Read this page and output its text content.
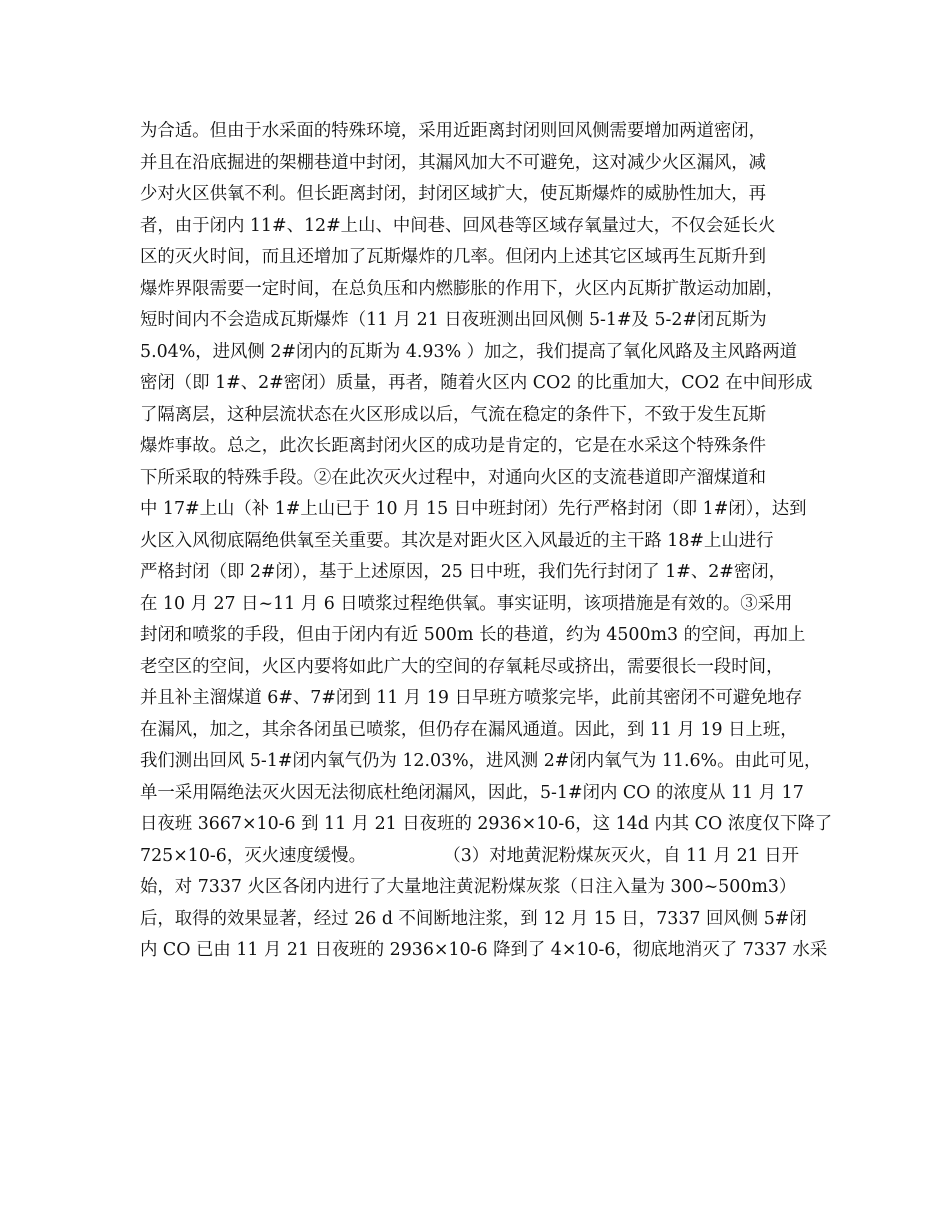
为合适。但由于水采面的特殊环境，采用近距离封闭则回风侧需要增加两道密闭，
并且在沿底掘进的架棚巷道中封闭，其漏风加大不可避免，这对减少火区漏风，减
少对火区供氧不利。但长距离封闭，封闭区域扩大，使瓦斯爆炸的威胁性加大，再
者，由于闭内 11#、12#上山、中间巷、回风巷等区域存氧量过大，不仅会延长火
区的灭火时间，而且还增加了瓦斯爆炸的几率。但闭内上述其它区域再生瓦斯升到
爆炸界限需要一定时间，在总负压和内燃膨胀的作用下，火区内瓦斯扩散运动加剧，
短时间内不会造成瓦斯爆炸（11 月 21 日夜班测出回风侧 5-1#及 5-2#闭瓦斯为
5.04%，进风侧 2#闭内的瓦斯为 4.93% ）加之，我们提高了氧化风路及主风路两道
密闭（即 1#、2#密闭）质量，再者，随着火区内 CO2 的比重加大，CO2 在中间形成
了隔离层，这种层流状态在火区形成以后，气流在稳定的条件下，不致于发生瓦斯
爆炸事故。总之，此次长距离封闭火区的成功是肯定的，它是在水采这个特殊条件
下所采取的特殊手段。②在此次灭火过程中，对通向火区的支流巷道即产溜煤道和
中 17#上山（补 1#上山已于 10 月 15 日中班封闭）先行严格封闭（即 1#闭），达到
火区入风彻底隔绝供氧至关重要。其次是对距火区入风最近的主干路 18#上山进行
严格封闭（即 2#闭），基于上述原因，25 日中班，我们先行封闭了 1#、2#密闭，
在 10 月 27 日~11 月 6 日喷浆过程绝供氧。事实证明，该项措施是有效的。③采用
封闭和喷浆的手段，但由于闭内有近 500m 长的巷道，约为 4500m3 的空间，再加上
老空区的空间，火区内要将如此广大的空间的存氧耗尽或挤出，需要很长一段时间，
并且补主溜煤道 6#、7#闭到 11 月 19 日早班方喷浆完毕，此前其密闭不可避免地存
在漏风，加之，其余各闭虽已喷浆，但仍存在漏风通道。因此，到 11 月 19 日上班，
我们测出回风 5-1#闭内氧气仍为 12.03%，进风测 2#闭内氧气为 11.6%。由此可见，
单一采用隔绝法灭火因无法彻底杜绝闭漏风，因此，5-1#闭内 CO 的浓度从 11 月 17
日夜班 3667×10-6 到 11 月 21 日夜班的 2936×10-6，这 14d 内其 CO 浓度仅下降了
725×10-6，灭火速度缓慢。              （3）对地黄泥粉煤灰灭火，自 11 月 21 日开
始，对 7337 火区各闭内进行了大量地注黄泥粉煤灰浆（日注入量为 300~500m3）
后，取得的效果显著，经过 26 d 不间断地注浆，到 12 月 15 日，7337 回风侧 5#闭
内 CO 已由 11 月 21 日夜班的 2936×10-6 降到了 4×10-6，彻底地消灭了 7337 水采
